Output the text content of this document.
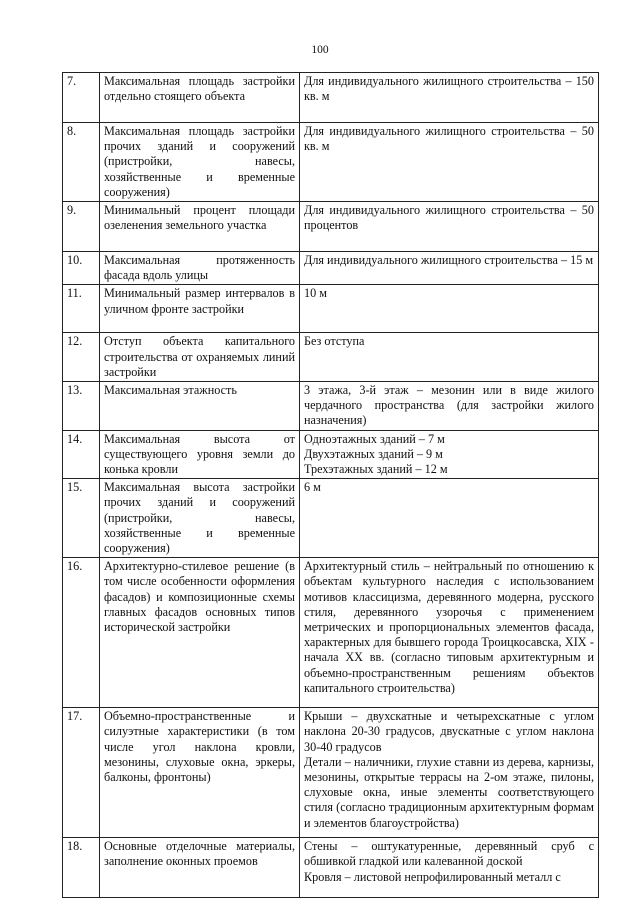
100
7.	Максимальная площадь застройки отдельно стоящего объекта	Для индивидуального жилищного строительства – 150 кв. м

8.	Максимальная площадь застройки прочих зданий и сооружений (пристройки, навесы, хозяйственные и временные сооружения)	Для индивидуального жилищного строительства – 50 кв. м

9.	Минимальный процент площади озеленения земельного участка	Для индивидуального жилищного строительства – 50 процентов

10.	Максимальная протяженность фасада вдоль улицы	Для индивидуального жилищного строительства – 15 м

11.	Минимальный размер интервалов в уличном фронте застройки	10 м

12.	Отступ объекта капитального строительства от охраняемых линий застройки	Без отступа

13.	Максимальная этажность	3 этажа, 3-й этаж – мезонин или в виде жилого чердачного пространства (для застройки жилого назначения)

14.	Максимальная высота от существующего уровня земли до конька кровли	Одноэтажных зданий – 7 м
Двухэтажных зданий – 9 м
Трехэтажных зданий – 12 м

15.	Максимальная высота застройки прочих зданий и сооружений (пристройки, навесы, хозяйственные и временные сооружения)	6 м

16.	Архитектурно-стилевое решение (в том числе особенности оформления фасадов) и композиционные схемы главных фасадов основных типов исторической застройки	Архитектурный стиль – нейтральный по отношению к объектам культурного наследия с использованием мотивов классицизма, деревянного модерна, русского стиля, деревянного узорочья с применением метрических и пропорциональных элементов фасада, характерных для бывшего города Троицкосавска, XIX - начала XX вв. (согласно типовым архитектурным и объемно-пространственным решениям объектов капитального строительства)

17.	Объемно-пространственные и силуэтные характеристики (в том числе угол наклона кровли, мезонины, слуховые окна, эркеры, балконы, фронтоны)	Крыши – двухскатные и четырехскатные с углом наклона 20-30 градусов, двускатные с углом наклона 30-40 градусов
Детали – наличники, глухие ставни из дерева, карнизы, мезонины, открытые террасы на 2-ом этаже, пилоны, слуховые окна, иные элементы соответствующего стиля (согласно традиционным архитектурным формам и элементов благоустройства)

18.	Основные отделочные материалы, заполнение оконных проемов	Стены – оштукатуренные, деревянный сруб с обшивкой гладкой или калеванной доской
Кровля – листовой непрофилированный металл с
